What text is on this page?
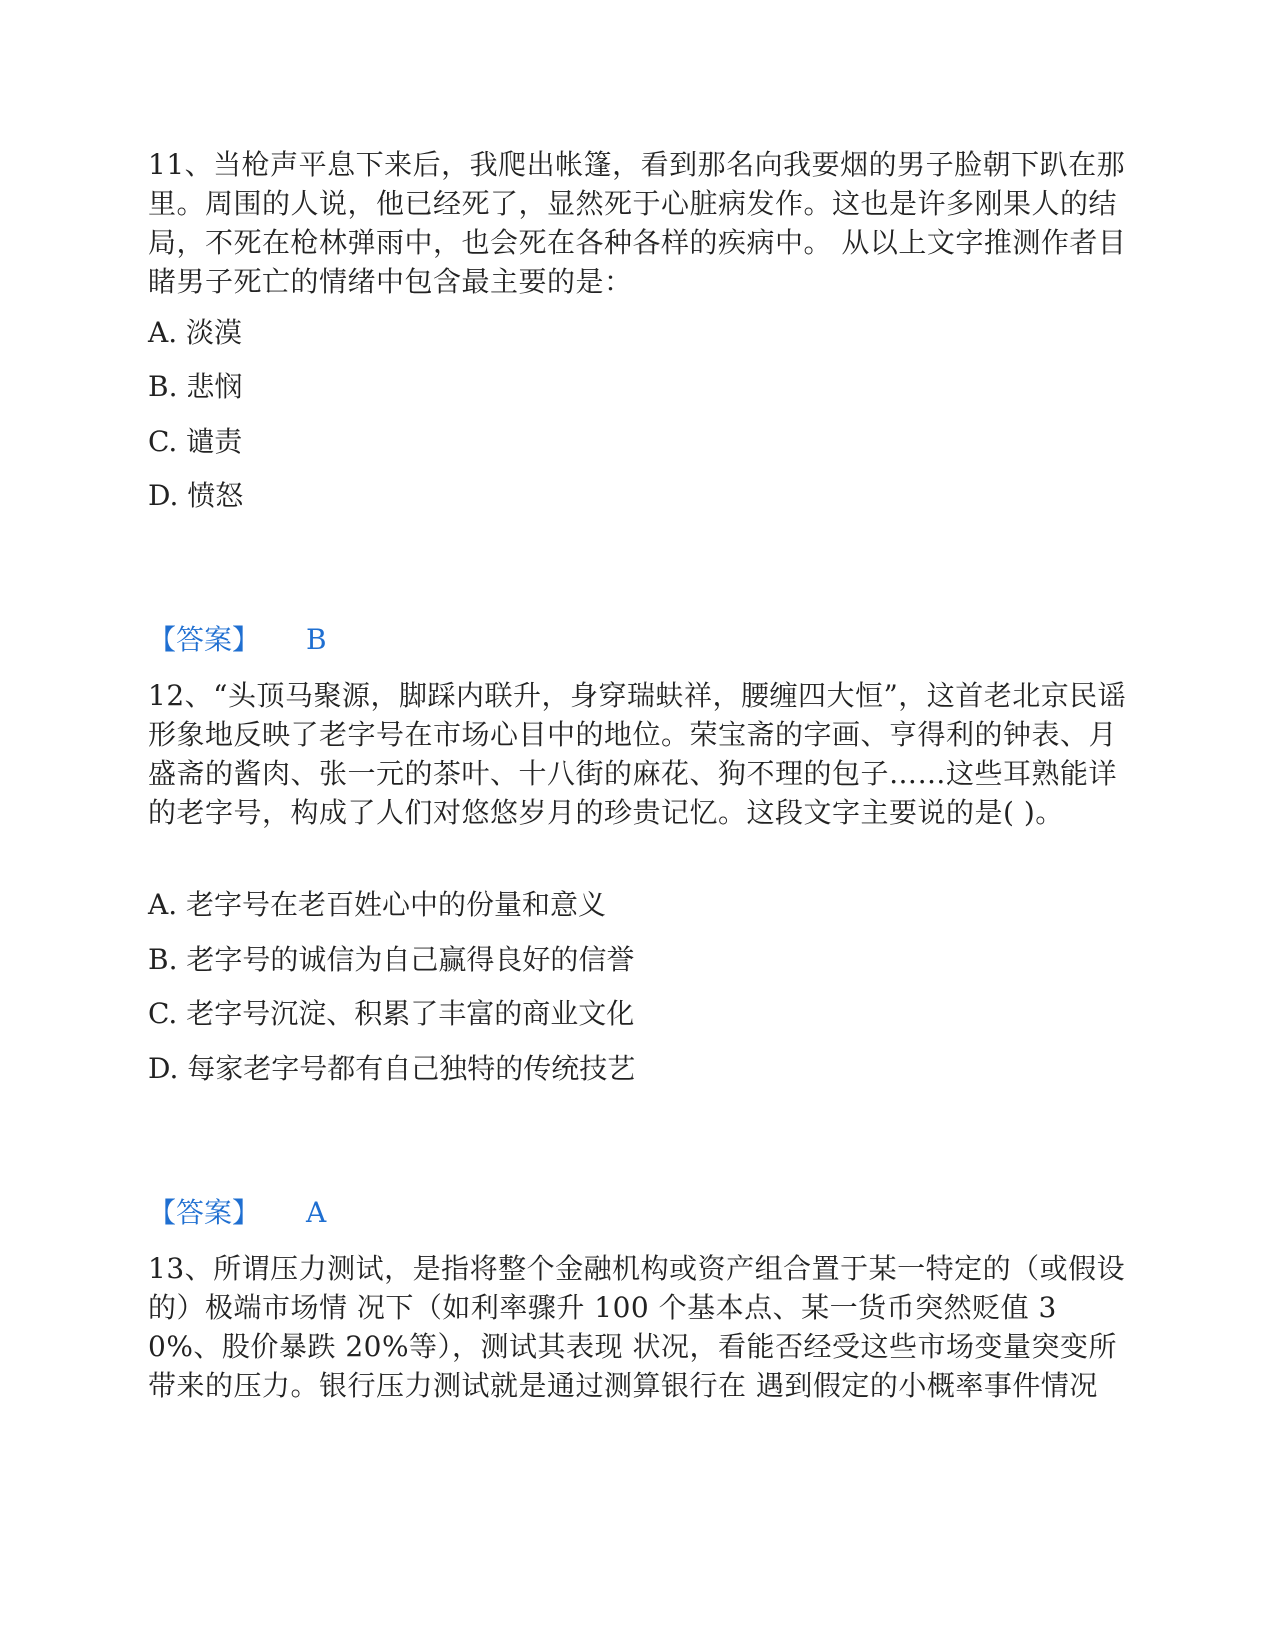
11、当枪声平息下来后，我爬出帐篷，看到那名向我要烟的男子脸朝下趴在那里。周围的人说，他已经死了，显然死于心脏病发作。这也是许多刚果人的结局，不死在枪林弹雨中，也会死在各种各样的疾病中。 从以上文字推测作者目睹男子死亡的情绪中包含最主要的是：
A. 淡漠
B. 悲悯
C. 谴责
D. 愤怒
【答案】 B
12、“头顶马聚源，脚踩内联升，身穿瑞蚨祥，腰缠四大恒”，这首老北京民谣形象地反映了老字号在市场心目中的地位。荣宝斋的字画、亨得利的钟表、月盛斋的酱肉、张一元的茶叶、十八街的麻花、狗不理的包子……这些耳熟能详的老字号，构成了人们对悠悠岁月的珍贵记忆。这段文字主要说的是( )。
A. 老字号在老百姓心中的份量和意义
B. 老字号的诚信为自己赢得良好的信誉
C. 老字号沉淀、积累了丰富的商业文化
D. 每家老字号都有自己独特的传统技艺
【答案】 A
13、所谓压力测试，是指将整个金融机构或资产组合置于某一特定的（或假设的）极端市场情 况下（如利率骤升 100 个基本点、某一货币突然贬值 30%、股价暴跌 20%等），测试其表现 状况，看能否经受这些市场变量突变所带来的压力。银行压力测试就是通过测算银行在 遇到假定的小概率事件情况
